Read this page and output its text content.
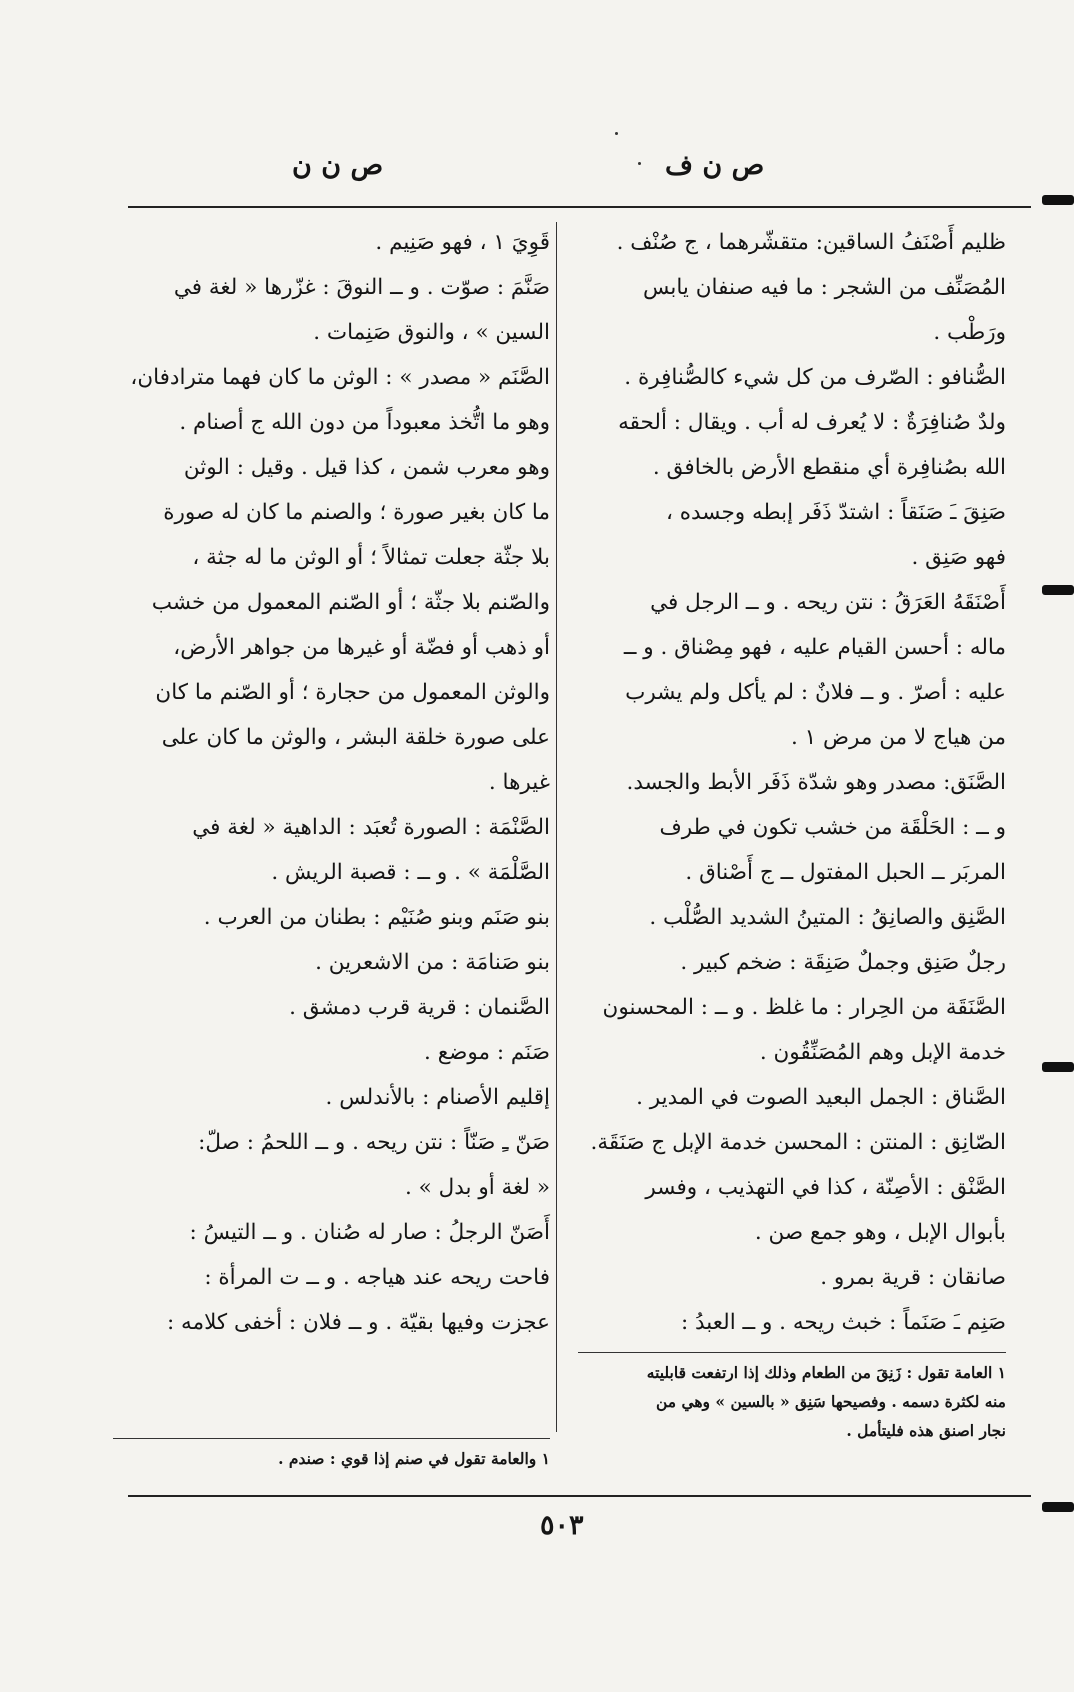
ص ن ف
ص ن ن

ظليم أَصْنَفُ الساقين: متقشّرهما ، ج صُنْف .

المُصَنِّف من الشجر : ما فيه صنفان يابس

ورَطْب .

الصُّنافو : الصّرف من كل شيء كالصُّنافِرة .

ولدٌ صُنافِرَةٌ : لا يُعرف له أب . ويقال : ألحقه

الله بصُنافِرة أي منقطع الأرض بالخافق .

صَنِقَ ـَ صَنَقاً : اشتدّ ذَفَر إبطه وجسده ،

فهو صَنِق .

أَصْنَقَهُ العَرَقُ : نتن ريحه . و ــ الرجل في

ماله : أحسن القيام عليه ، فهو مِصْناق . و ــ

عليه : أصرّ . و ــ فلانٌ : لم يأكل ولم يشرب

من هياج لا من مرض ١ .

الصَّنَق: مصدر وهو شدّة ذَفَر الأبط والجسد.

و ــ : الحَلْقَة من خشب تكون في طرف

المربَر ــ الحبل المفتول ــ ج أَصْناق .

الصَّنِق والصانِقُ : المتينُ الشديد الصُّلْب .

رجلٌ صَنِق وجملٌ صَنِقَة : ضخم كبير .

الصَّنَقَة من الحِرار : ما غلظ . و ــ : المحسنون

خدمة الإبل وهم المُصَنِّقُون .

الصَّناق : الجمل البعيد الصوت في المدير .

الصّانِق : المنتن : المحسن خدمة الإبل ج صَنَقَة.

الصَّنْق : الأصِنّة ، كذا في التهذيب ، وفسر

بأبوال الإبل ، وهو جمع صن .

صانقان : قرية بمرو .

صَنِم ـَ صَنَماً : خبث ريحه . و ــ العبدُ :

قَوِيَ ١ ، فهو صَنِيم .

صَنَّمَ : صوّت . و ــ النوقَ : غزّرها « لغة في

السين » ، والنوق صَنِمات .

الصَّنَم « مصدر » : الوثن ما كان فهما مترادفان،

وهو ما اتُّخذ معبوداً من دون الله ج أصنام .

وهو معرب شمن ، كذا قيل . وقيل : الوثن

ما كان بغير صورة ؛ والصنم ما كان له صورة

بلا جثّة جعلت تمثالاً ؛ أو الوثن ما له جثة ،

والصّنم بلا جثّة ؛ أو الصّنم المعمول من خشب

أو ذهب أو فضّة أو غيرها من جواهر الأرض،

والوثن المعمول من حجارة ؛ أو الصّنم ما كان

على صورة خلقة البشر ، والوثن ما كان على

غيرها .

الصَّنْمَة : الصورة تُعبَد : الداهية « لغة في

الصَّلْمَة » . و ــ : قصبة الريش .

بنو صَنَم وبنو صُنَيْم : بطنان من العرب .

بنو صَنامَة : من الاشعرين .

الصَّنمان : قرية قرب دمشق .

صَنَم : موضع .

إقليم الأصنام : بالأندلس .

صَنّ ـِ صَنّاً : نتن ريحه . و ــ اللحمُ : صلّ:

« لغة أو بدل » .

أَصَنّ الرجلُ : صار له صُنان . و ــ التيسُ :

فاحت ريحه عند هياجه . و ــ ت المرأة :

عجزت وفيها بقيّة . و ــ فلان : أخفى كلامه :

١ العامة تقول : زَنِقَ من الطعام وذلك إذا ارتفعت قابليته
منه لكثرة دسمه . وفصيحها سَنِق « بالسين » وهي من
نجار اصنق هذه فليتأمل .
١ والعامة تقول في صنم إذا قوي : صندم .
٥٠٣
